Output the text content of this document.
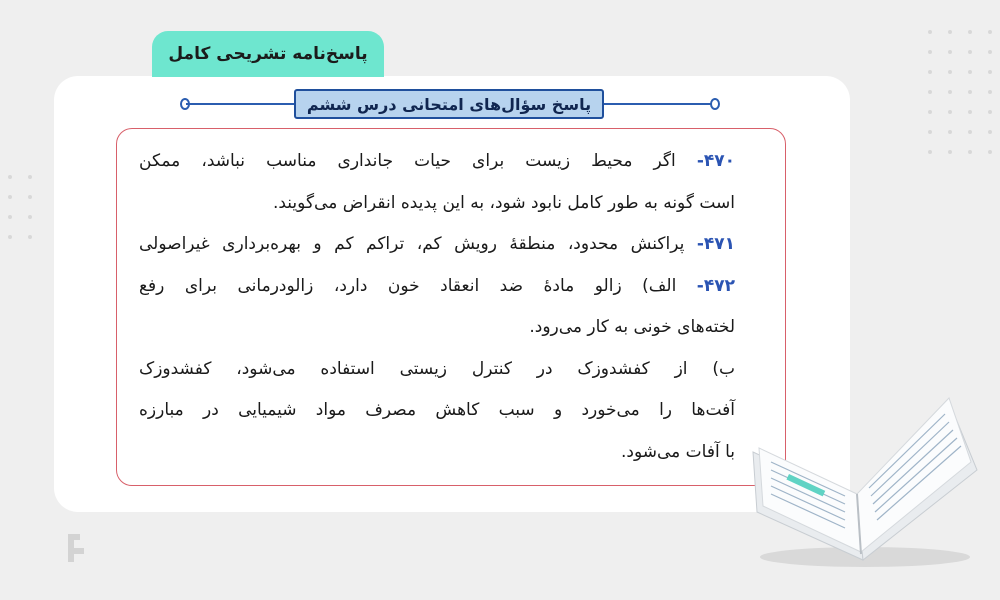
پاسخ‌نامه تشریحی کامل
پاسخ سؤال‌های امتحانی درس ششم
۴۷۰- اگر محیط زیست برای حیات جانداری مناسب نباشد، ممکن
است گونه به طور کامل نابود شود، به این پدیده انقراض می‌گویند.
۴۷۱- پراکنش محدود، منطقهٔ رویش کم، تراکم کم و بهره‌برداری غیراصولی
۴۷۲- الف) زالو مادهٔ ضد انعقاد خون دارد، زالودرمانی برای رفع
لخته‌های خونی به کار می‌رود.
ب) از کفشدوزک در کنترل زیستی استفاده می‌شود، کفشدوزک
آفت‌ها را می‌خورد و سبب کاهش مصرف مواد شیمیایی در مبارزه
با آفات می‌شود.
